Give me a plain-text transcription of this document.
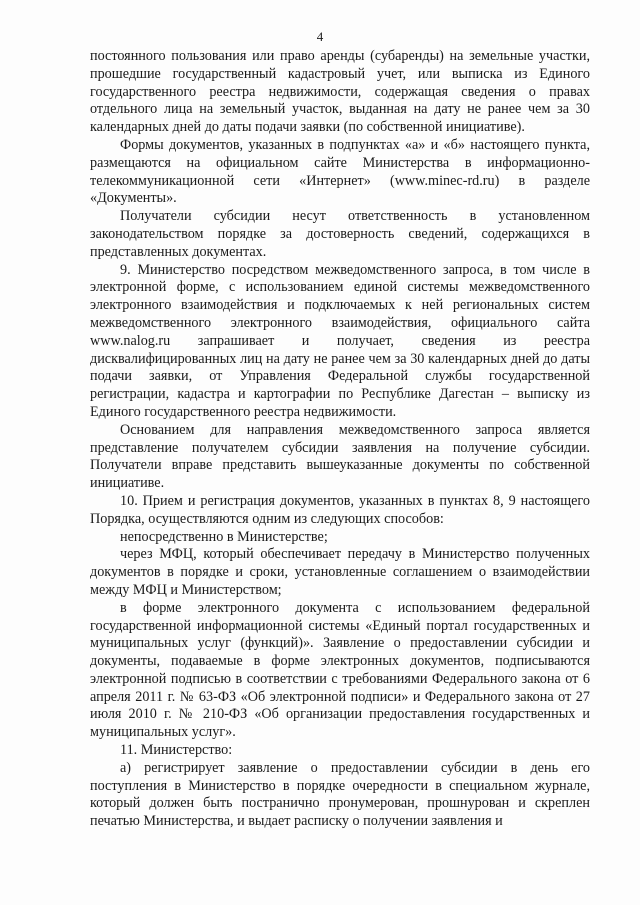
4

постоянного пользования или право аренды (субаренды) на земельные участки, прошедшие государственный кадастровый учет, или выписка из Единого государственного реестра недвижимости, содержащая сведения о правах отдельного лица на земельный участок, выданная на дату не ранее чем за 30 календарных дней до даты подачи заявки (по собственной инициативе).

Формы документов, указанных в подпунктах «а» и «б» настоящего пункта, размещаются на официальном сайте Министерства в информационно-телекоммуникационной сети «Интернет» (www.minec-rd.ru) в разделе «Документы».

Получатели субсидии несут ответственность в установленном законодательством порядке за достоверность сведений, содержащихся в представленных документах.

9. Министерство посредством межведомственного запроса, в том числе в электронной форме, с использованием единой системы межведомственного электронного взаимодействия и подключаемых к ней региональных систем межведомственного электронного взаимодействия, официального сайта www.nalog.ru запрашивает и получает, сведения из реестра дисквалифицированных лиц на дату не ранее чем за 30 календарных дней до даты подачи заявки, от Управления Федеральной службы государственной регистрации, кадастра и картографии по Республике Дагестан – выписку из Единого государственного реестра недвижимости.

Основанием для направления межведомственного запроса является представление получателем субсидии заявления на получение субсидии. Получатели вправе представить вышеуказанные документы по собственной инициативе.

10. Прием и регистрация документов, указанных в пунктах 8, 9 настоящего Порядка, осуществляются одним из следующих способов:

непосредственно в Министерстве;

через МФЦ, который обеспечивает передачу в Министерство полученных документов в порядке и сроки, установленные соглашением о взаимодействии между МФЦ и Министерством;

в форме электронного документа с использованием федеральной государственной информационной системы «Единый портал государственных и муниципальных услуг (функций)». Заявление о предоставлении субсидии и документы, подаваемые в форме электронных документов, подписываются электронной подписью в соответствии с требованиями Федерального закона от 6 апреля 2011 г. № 63-ФЗ «Об электронной подписи» и Федерального закона от 27 июля 2010 г. № 210-ФЗ «Об организации предоставления государственных и муниципальных услуг».

11. Министерство:

а) регистрирует заявление о предоставлении субсидии в день его поступления в Министерство в порядке очередности в специальном журнале, который должен быть постранично пронумерован, прошнурован и скреплен печатью Министерства, и выдает расписку о получении заявления и
